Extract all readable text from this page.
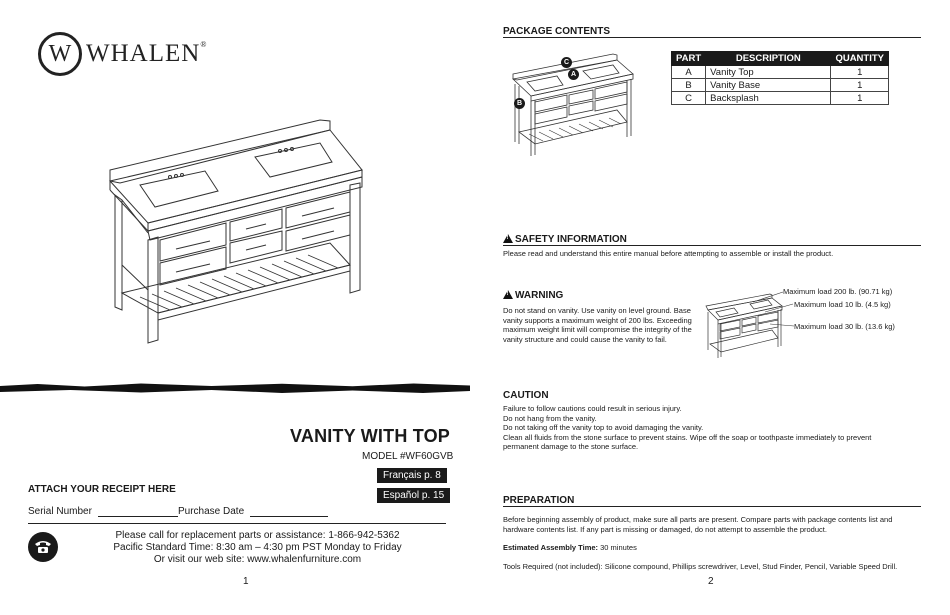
W WHALEN®
VANITY WITH TOP
MODEL #WF60GVB
Français p. 8
Español p. 15
ATTACH YOUR RECEIPT HERE
Serial Number	Purchase Date
Please call for replacement parts or assistance: 1-866-942-5362
Pacific Standard Time: 8:30 am – 4:30 pm PST Monday to Friday
Or visit our web site: www.whalenfurniture.com
1
PACKAGE CONTENTS
C
A
B
PART	DESCRIPTION	QUANTITY
A	Vanity Top	1
B	Vanity Base	1
C	Backsplash	1
!SAFETY INFORMATION
Please read and understand this entire manual before attempting to assemble or install the product.
!WARNING
Do not stand on vanity. Use vanity on level ground. Base vanity supports a maximum weight of 200 lbs. Exceeding maximum weight limit will compromise the integrity of the vanity structure and could cause the vanity to fail.
Maximum load 200 lb. (90.71 kg)
Maximum load 10 lb. (4.5 kg)
Maximum load 30 lb. (13.6 kg)
CAUTION
Failure to follow cautions could result in serious injury.
Do not hang from the vanity.
Do not taking off the vanity top to avoid damaging the vanity.
Clean all fluids from the stone surface to prevent stains. Wipe off the soap or toothpaste immediately to prevent permanent damage to the stone surface.
PREPARATION
Before beginning assembly of product, make sure all parts are present. Compare parts with package contents list and hardware contents list. If any part is missing or damaged, do not attempt to assemble the product.
Estimated Assembly Time: 30 minutes
Tools Required (not included): Silicone compound, Phillips screwdriver, Level, Stud Finder, Pencil, Variable Speed Drill.
2
